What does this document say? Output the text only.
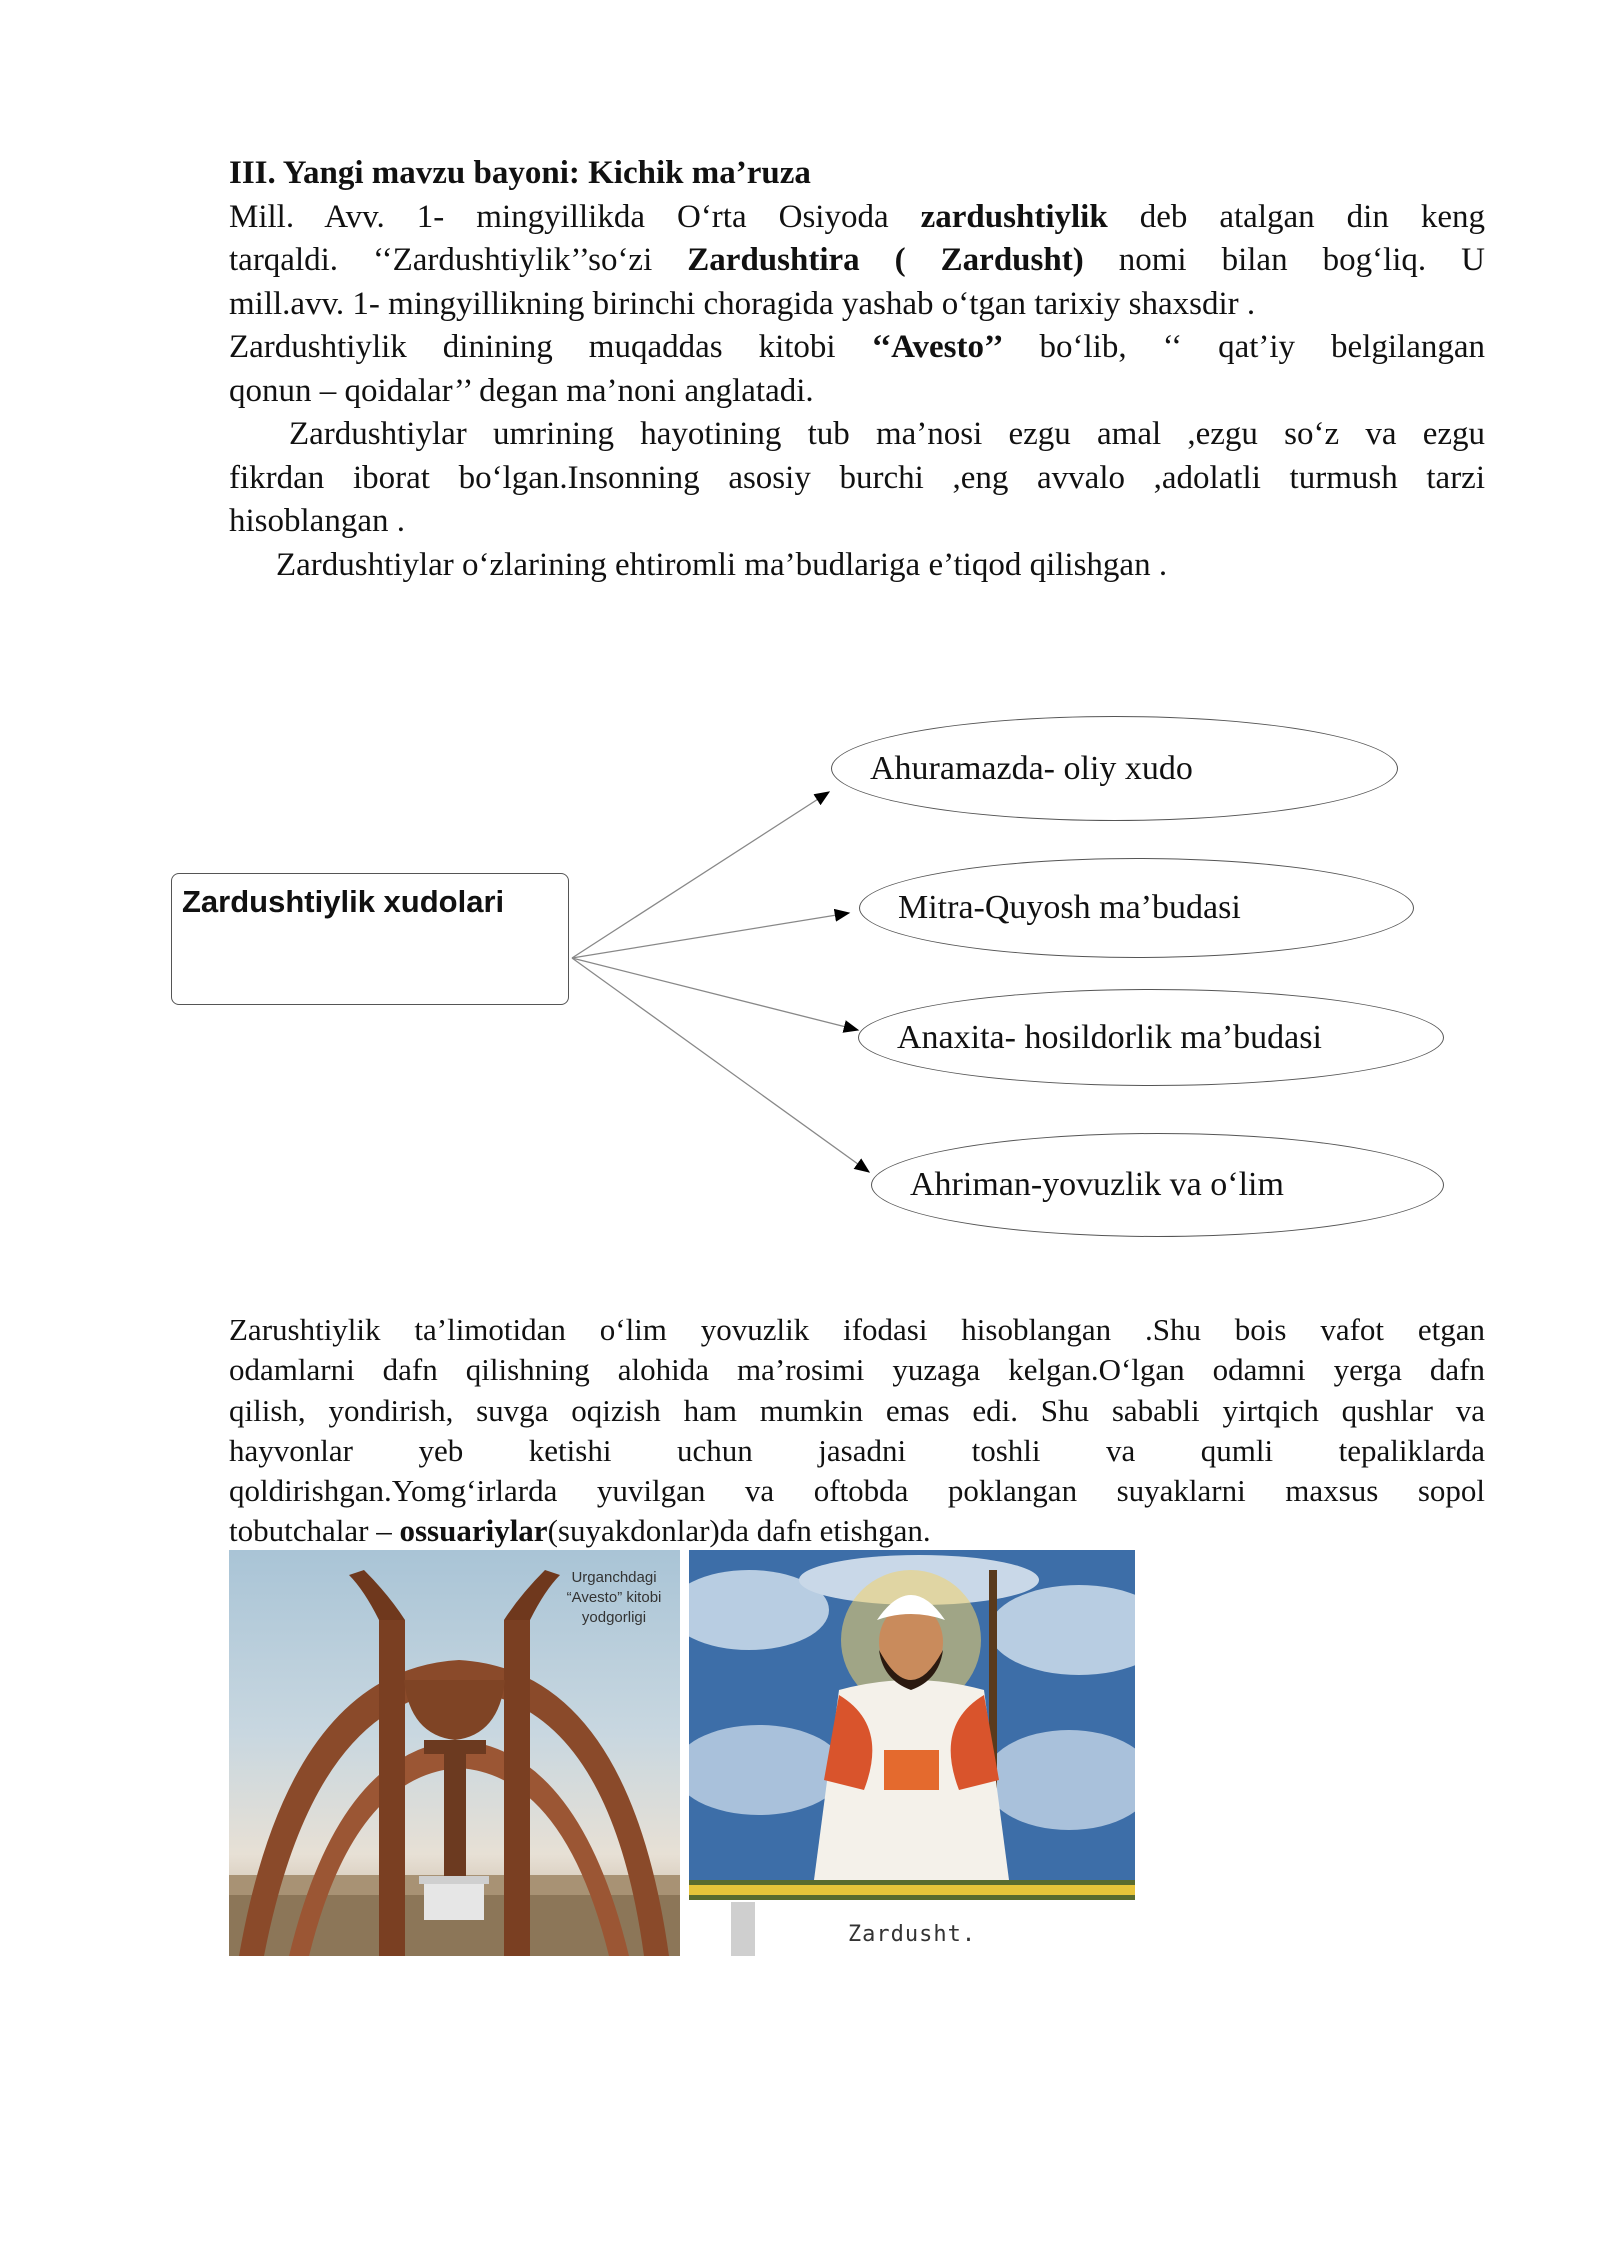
III. Yangi mavzu bayoni: Kichik ma’ruza
Mill. Avv. 1- mingyillikda O‘rta Osiyoda zardushtiylik deb atalgan din keng
tarqaldi. ‘‘Zardushtiylik’’so‘zi Zardushtira ( Zardusht) nomi bilan bog‘liq. U
mill.avv. 1- mingyillikning birinchi choragida yashab o‘tgan tarixiy shaxsdir .
Zardushtiylik dinining muqaddas kitobi ‘‘Avesto’’ bo‘lib, ‘‘ qat’iy belgilangan
qonun – qoidalar’’ degan ma’noni anglatadi.
Zardushtiylar umrining hayotining tub ma’nosi ezgu amal ,ezgu so‘z va ezgu
fikrdan iborat bo‘lgan.Insonning asosiy burchi ,eng avvalo ,adolatli turmush tarzi
hisoblangan .
Zardushtiylar o‘zlarining ehtiromli ma’budlariga e’tiqod qilishgan .
Zardushtiylik xudolari
Ahuramazda- oliy xudo
Mitra-Quyosh ma’budasi
Anaxita- hosildorlik ma’budasi
Ahriman-yovuzlik va o‘lim
Zarushtiylik ta’limotidan o‘lim yovuzlik ifodasi hisoblangan .Shu bois vafot etgan
odamlarni dafn qilishning alohida ma’rosimi yuzaga kelgan.O‘lgan odamni yerga dafn
qilish, yondirish, suvga oqizish ham mumkin emas edi. Shu sababli yirtqich qushlar va
hayvonlar yeb ketishi uchun jasadni toshli va qumli tepaliklarda
qoldirishgan.Yomg‘irlarda yuvilgan va oftobda poklangan suyaklarni maxsus sopol
tobutchalar – ossuariylar(suyakdonlar)da dafn etishgan.
Urganchdagi
“Avesto” kitobi
yodgorligi
Zardusht.
